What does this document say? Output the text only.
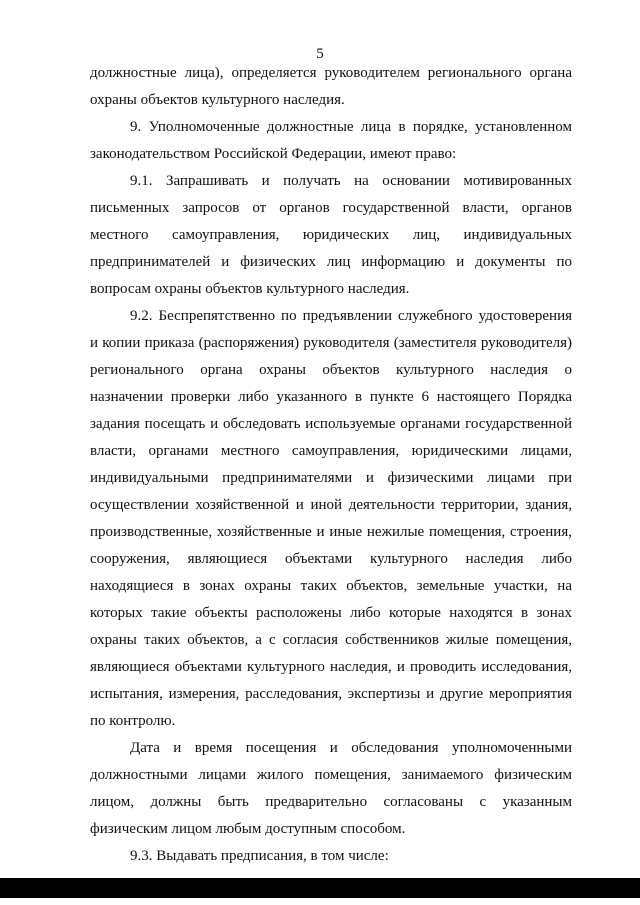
5

должностные лица), определяется руководителем регионального органа охраны объектов культурного наследия.

9. Уполномоченные должностные лица в порядке, установленном законодательством Российской Федерации, имеют право:

9.1. Запрашивать и получать на основании мотивированных письменных запросов от органов государственной власти, органов местного самоуправления, юридических лиц, индивидуальных предпринимателей и физических лиц информацию и документы по вопросам охраны объектов культурного наследия.

9.2. Беспрепятственно по предъявлении служебного удостоверения и копии приказа (распоряжения) руководителя (заместителя руководителя) регионального органа охраны объектов культурного наследия о назначении проверки либо указанного в пункте 6 настоящего Порядка задания посещать и обследовать используемые органами государственной власти, органами местного самоуправления, юридическими лицами, индивидуальными предпринимателями и физическими лицами при осуществлении хозяйственной и иной деятельности территории, здания, производственные, хозяйственные и иные нежилые помещения, строения, сооружения, являющиеся объектами культурного наследия либо находящиеся в зонах охраны таких объектов, земельные участки, на которых такие объекты расположены либо которые находятся в зонах охраны таких объектов, а с согласия собственников жилые помещения, являющиеся объектами культурного наследия, и проводить исследования, испытания, измерения, расследования, экспертизы и другие мероприятия по контролю.

Дата и время посещения и обследования уполномоченными должностными лицами жилого помещения, занимаемого физическим лицом, должны быть предварительно согласованы с указанным физическим лицом любым доступным способом.

9.3. Выдавать предписания, в том числе:
